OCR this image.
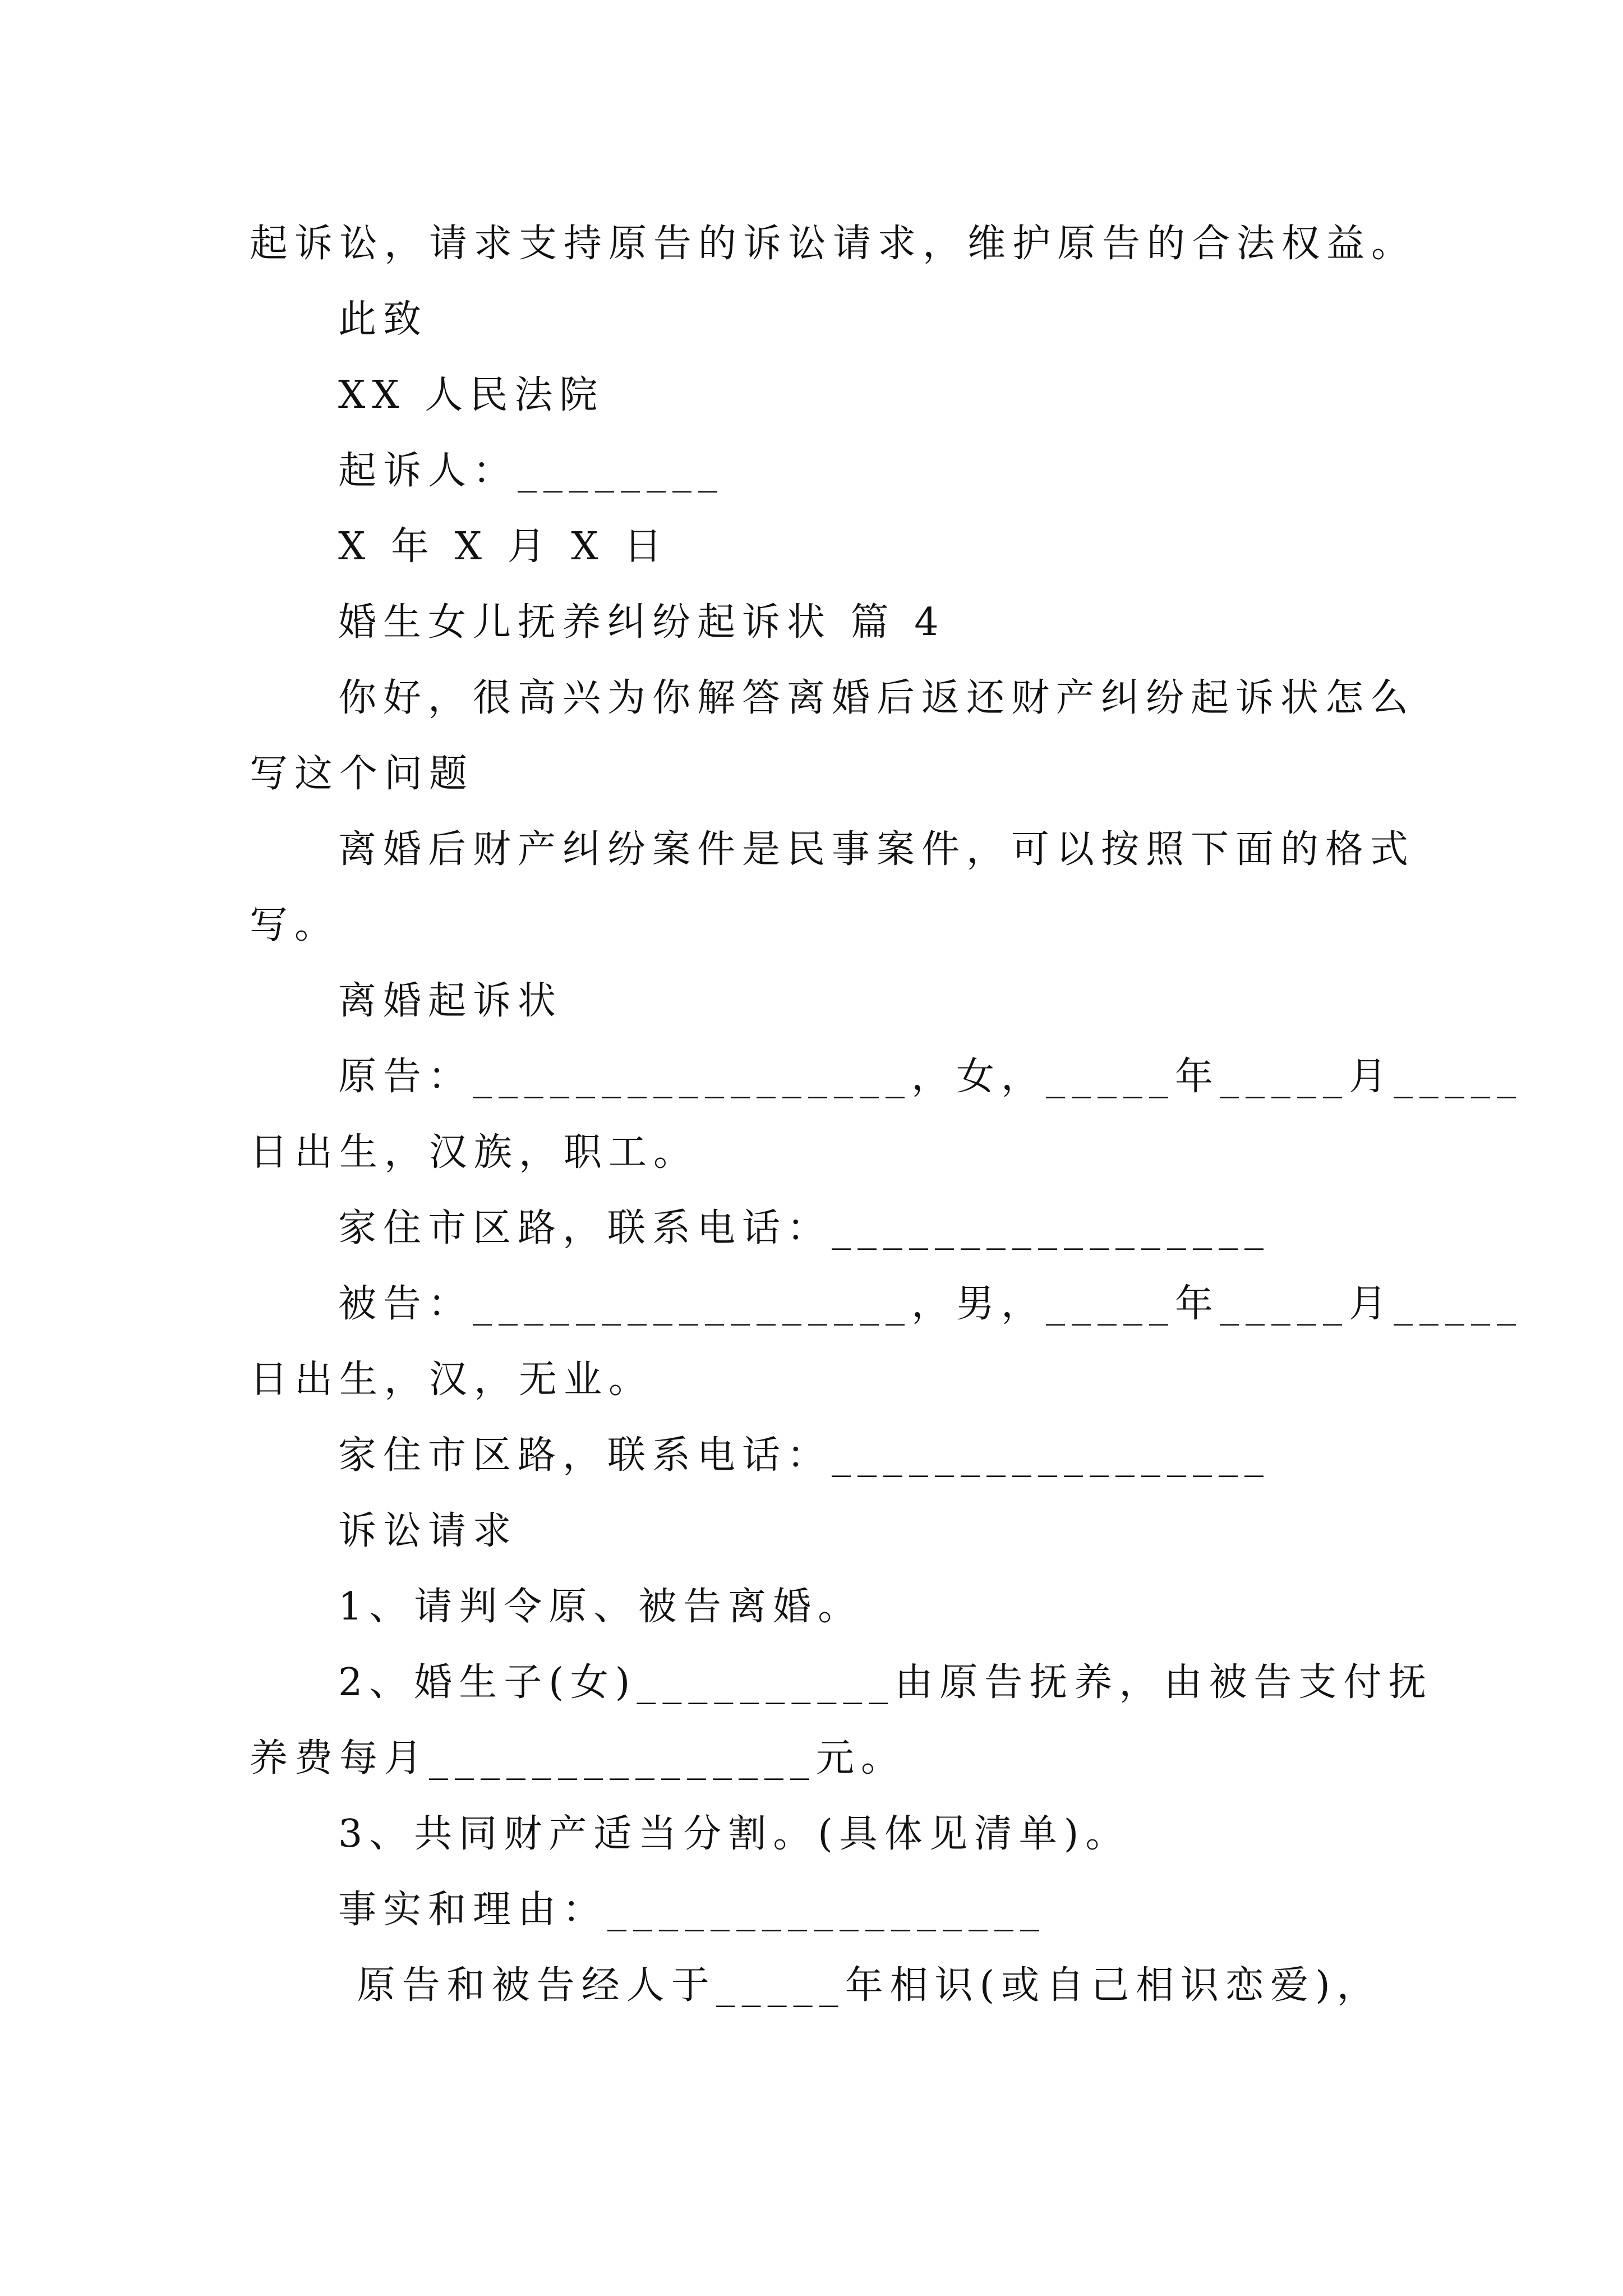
起诉讼，请求支持原告的诉讼请求，维护原告的合法权益。
此致
XX 人民法院
起诉人：________
X 年 X 月 X 日
婚生女儿抚养纠纷起诉状 篇 4
你好，很高兴为你解答离婚后返还财产纠纷起诉状怎么
写这个问题
离婚后财产纠纷案件是民事案件，可以按照下面的格式
写。
离婚起诉状
原告：_________________，女，_____年_____月_____
日出生，汉族，职工。
家住市区路，联系电话：_________________
被告：_________________，男，_____年_____月_____
日出生，汉，无业。
家住市区路，联系电话：_________________
诉讼请求
1、请判令原、被告离婚。
2、婚生子(女)__________由原告抚养，由被告支付抚
养费每月_______________元。
3、共同财产适当分割。(具体见清单)。
事实和理由：_________________
原告和被告经人于_____年相识(或自己相识恋爱)，
